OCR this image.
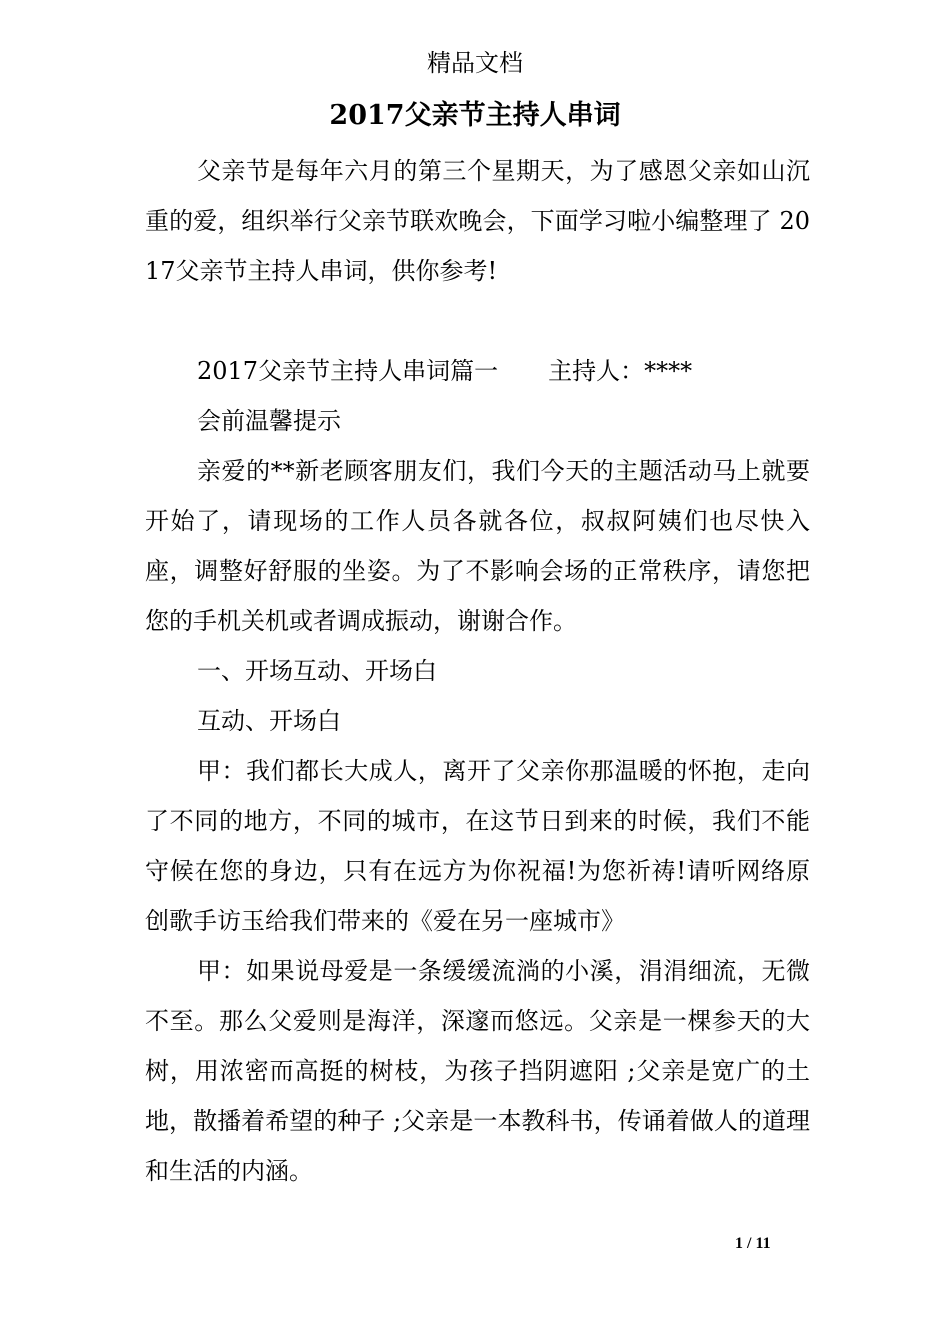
精品文档
2017父亲节主持人串词

父亲节是每年六月的第三个星期天，为了感恩父亲如山沉重的爱，组织举行父亲节联欢晚会，下面学习啦小编整理了 2017父亲节主持人串词，供你参考!

2017父亲节主持人串词篇一 主持人：****

会前温馨提示

亲爱的**新老顾客朋友们，我们今天的主题活动马上就要开始了，请现场的工作人员各就各位，叔叔阿姨们也尽快入座，调整好舒服的坐姿。为了不影响会场的正常秩序，请您把您的手机关机或者调成振动，谢谢合作。

一、开场互动、开场白

互动、开场白

甲：我们都长大成人，离开了父亲你那温暖的怀抱，走向了不同的地方，不同的城市，在这节日到来的时候，我们不能守候在您的身边，只有在远方为你祝福!为您祈祷!请听网络原创歌手访玉给我们带来的《爱在另一座城市》

甲：如果说母爱是一条缓缓流淌的小溪，涓涓细流，无微不至。那么父爱则是海洋，深邃而悠远。父亲是一棵参天的大树，用浓密而高挺的树枝，为孩子挡阴遮阳 ;父亲是宽广的土地，散播着希望的种子 ;父亲是一本教科书，传诵着做人的道理和生活的内涵。

1 / 11
